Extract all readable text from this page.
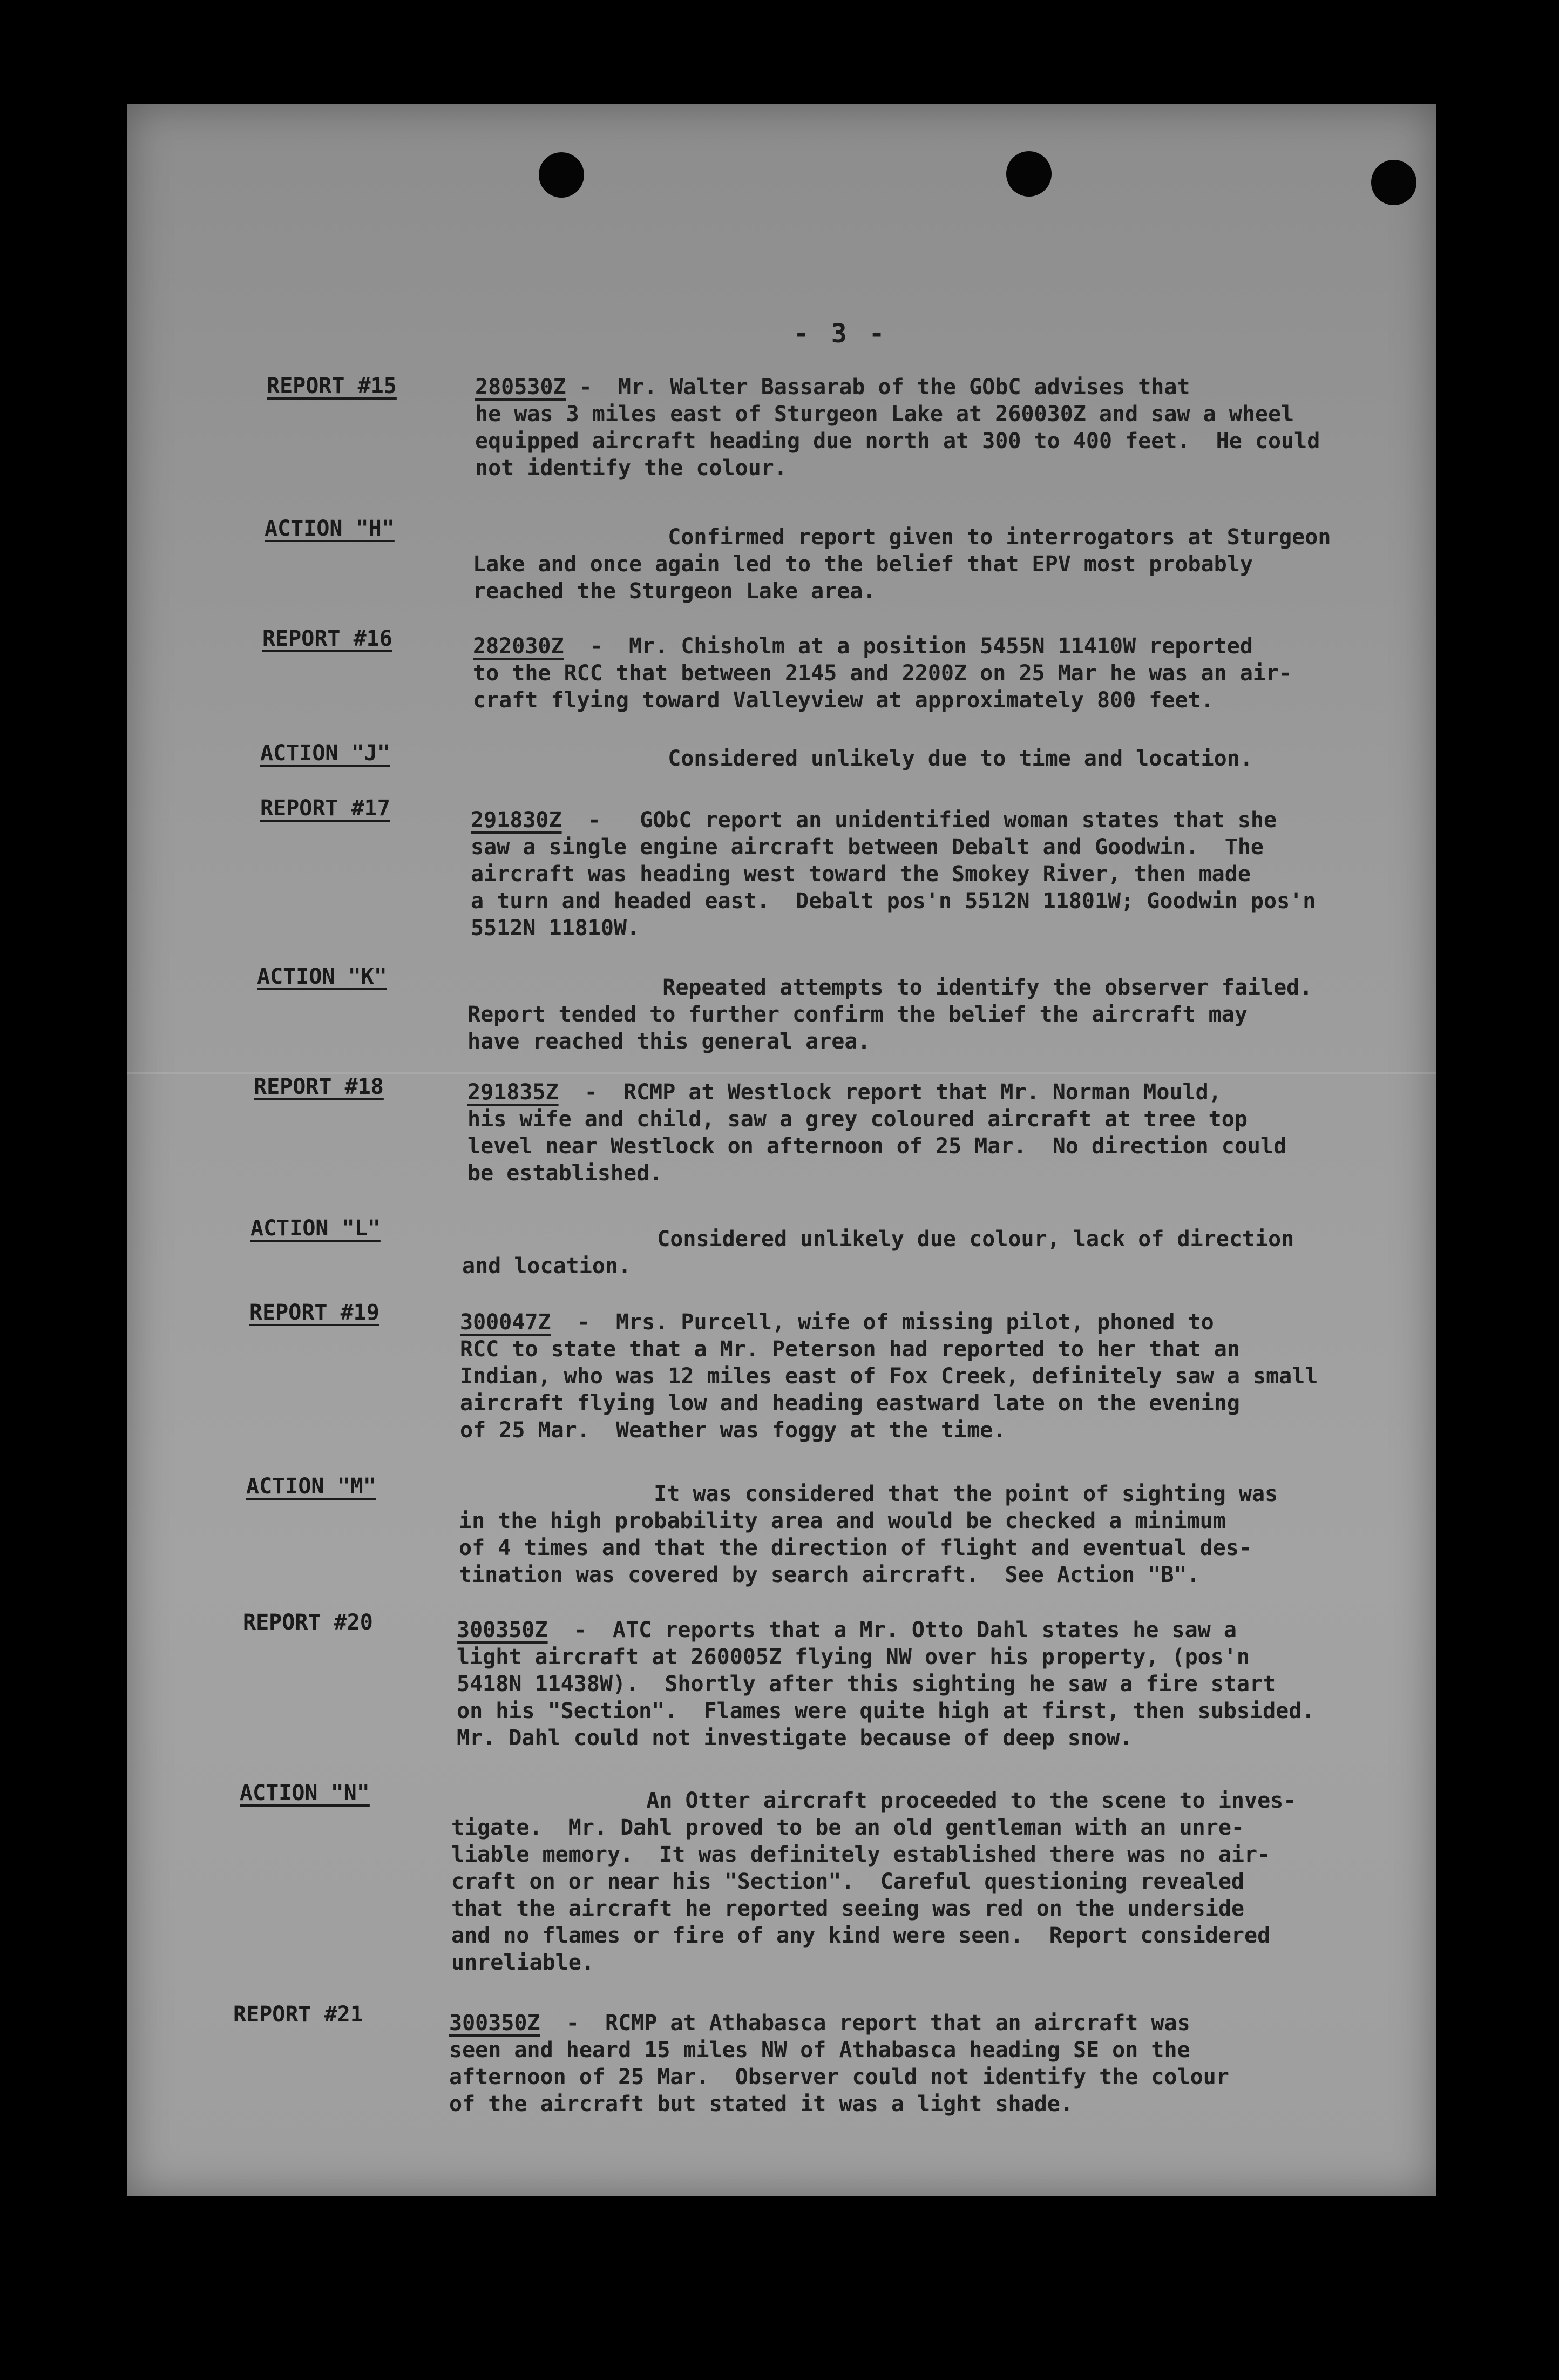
- 3 -
REPORT #15	280530Z -  Mr. Walter Bassarab of the GObC advises that
he was 3 miles east of Sturgeon Lake at 260030Z and saw a wheel
equipped aircraft heading due north at 300 to 400 feet.  He could
not identify the colour.
ACTION "H"	Confirmed report given to interrogators at Sturgeon
Lake and once again led to the belief that EPV most probably
reached the Sturgeon Lake area.
REPORT #16	282030Z  -  Mr. Chisholm at a position 5455N 11410W reported
to the RCC that between 2145 and 2200Z on 25 Mar he was an air-
craft flying toward Valleyview at approximately 800 feet.
ACTION "J"	Considered unlikely due to time and location.
REPORT #17	291830Z  -   GObC report an unidentified woman states that she
saw a single engine aircraft between Debalt and Goodwin.  The
aircraft was heading west toward the Smokey River, then made
a turn and headed east.  Debalt pos'n 5512N 11801W; Goodwin pos'n
5512N 11810W.
ACTION "K"	Repeated attempts to identify the observer failed.
Report tended to further confirm the belief the aircraft may
have reached this general area.
REPORT #18	291835Z  -  RCMP at Westlock report that Mr. Norman Mould,
his wife and child, saw a grey coloured aircraft at tree top
level near Westlock on afternoon of 25 Mar.  No direction could
be established.
ACTION "L"	Considered unlikely due colour, lack of direction
and location.
REPORT #19	300047Z  -  Mrs. Purcell, wife of missing pilot, phoned to
RCC to state that a Mr. Peterson had reported to her that an
Indian, who was 12 miles east of Fox Creek, definitely saw a small
aircraft flying low and heading eastward late on the evening
of 25 Mar.  Weather was foggy at the time.
ACTION "M"	It was considered that the point of sighting was
in the high probability area and would be checked a minimum
of 4 times and that the direction of flight and eventual des-
tination was covered by search aircraft.  See Action "B".
REPORT #20	300350Z  -  ATC reports that a Mr. Otto Dahl states he saw a
light aircraft at 260005Z flying NW over his property, (pos'n
5418N 11438W).  Shortly after this sighting he saw a fire start
on his "Section".  Flames were quite high at first, then subsided.
Mr. Dahl could not investigate because of deep snow.
ACTION "N"	An Otter aircraft proceeded to the scene to inves-
tigate.  Mr. Dahl proved to be an old gentleman with an unre-
liable memory.  It was definitely established there was no air-
craft on or near his "Section".  Careful questioning revealed
that the aircraft he reported seeing was red on the underside
and no flames or fire of any kind were seen.  Report considered
unreliable.
REPORT #21	300350Z  -  RCMP at Athabasca report that an aircraft was
seen and heard 15 miles NW of Athabasca heading SE on the
afternoon of 25 Mar.  Observer could not identify the colour
of the aircraft but stated it was a light shade.
